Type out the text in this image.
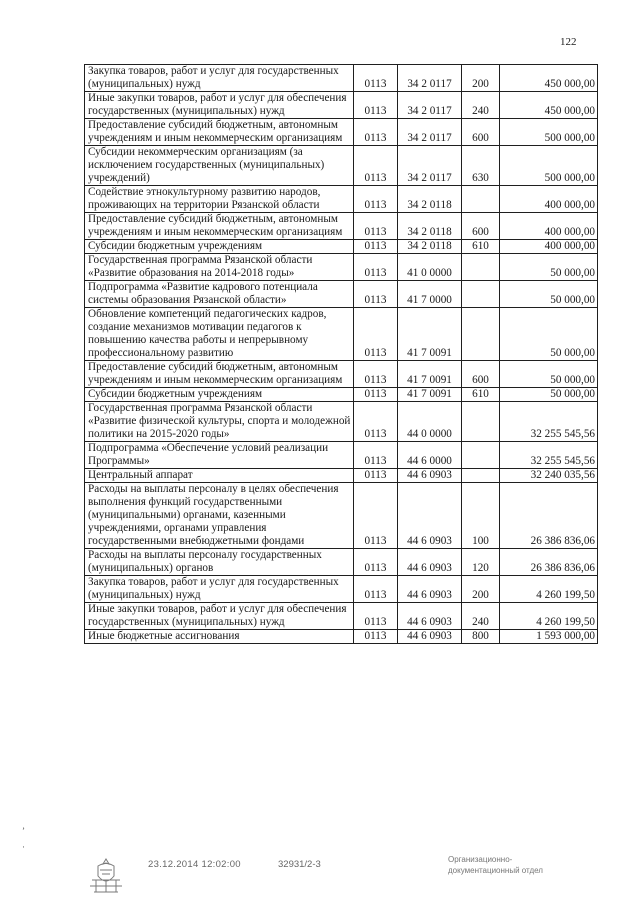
122
Закупка товаров, работ и услуг для государственных (муниципальных) нужд	0113	34 2 0117	200	450 000,00
Иные закупки товаров, работ и услуг для обеспечения государственных (муниципальных) нужд	0113	34 2 0117	240	450 000,00
Предоставление субсидий бюджетным, автономным учреждениям и иным некоммерческим организациям	0113	34 2 0117	600	500 000,00
Субсидии некоммерческим организациям (за исключением государственных (муниципальных) учреждений)	0113	34 2 0117	630	500 000,00
Содействие этнокультурному развитию народов, проживающих на территории Рязанской области	0113	34 2 0118		400 000,00
Предоставление субсидий бюджетным, автономным учреждениям и иным некоммерческим организациям	0113	34 2 0118	600	400 000,00
Субсидии бюджетным учреждениям	0113	34 2 0118	610	400 000,00
Государственная программа Рязанской области «Развитие образования на 2014-2018 годы»	0113	41 0 0000		50 000,00
Подпрограмма «Развитие кадрового потенциала системы образования Рязанской области»	0113	41 7 0000		50 000,00
Обновление компетенций педагогических кадров, создание механизмов мотивации педагогов к повышению качества работы и непрерывному профессиональному развитию	0113	41 7 0091		50 000,00
Предоставление субсидий бюджетным, автономным учреждениям и иным некоммерческим организациям	0113	41 7 0091	600	50 000,00
Субсидии бюджетным учреждениям	0113	41 7 0091	610	50 000,00
Государственная программа Рязанской области «Развитие физической культуры, спорта и молодежной политики на 2015-2020 годы»	0113	44 0 0000		32 255 545,56
Подпрограмма «Обеспечение условий реализации Программы»	0113	44 6 0000		32 255 545,56
Центральный аппарат	0113	44 6 0903		32 240 035,56
Расходы на выплаты персоналу в целях обеспечения выполнения функций государственными (муниципальными) органами, казенными учреждениями, органами управления государственными внебюджетными фондами	0113	44 6 0903	100	26 386 836,06
Расходы на выплаты персоналу государственных (муниципальных) органов	0113	44 6 0903	120	26 386 836,06
Закупка товаров, работ и услуг для государственных (муниципальных) нужд	0113	44 6 0903	200	4 260 199,50
Иные закупки товаров, работ и услуг для обеспечения государственных (муниципальных) нужд	0113	44 6 0903	240	4 260 199,50
Иные бюджетные ассигнования	0113	44 6 0903	800	1 593 000,00
’
·
23.12.2014 12:02:00	32931/2-3	Организационно-
документационный отдел
